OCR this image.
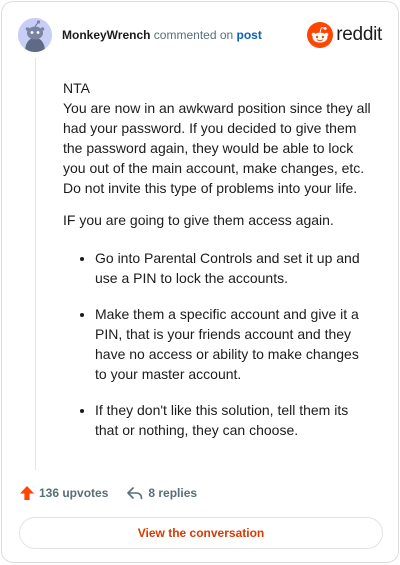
MonkeyWrench commented on post	reddit

NTA
You are now in an awkward position since they all
had your password. If you decided to give them
the password again, they would be able to lock
you out of the main account, make changes, etc.
Do not invite this type of problems into your life.

IF you are going to give them access again.

• Go into Parental Controls and set it up and use a PIN to lock the accounts.
• Make them a specific account and give it a PIN, that is your friends account and they have no access or ability to make changes to your master account.
• If they don't like this solution, tell them its that or nothing, they can choose.
136 upvotes	8 replies
View the conversation
